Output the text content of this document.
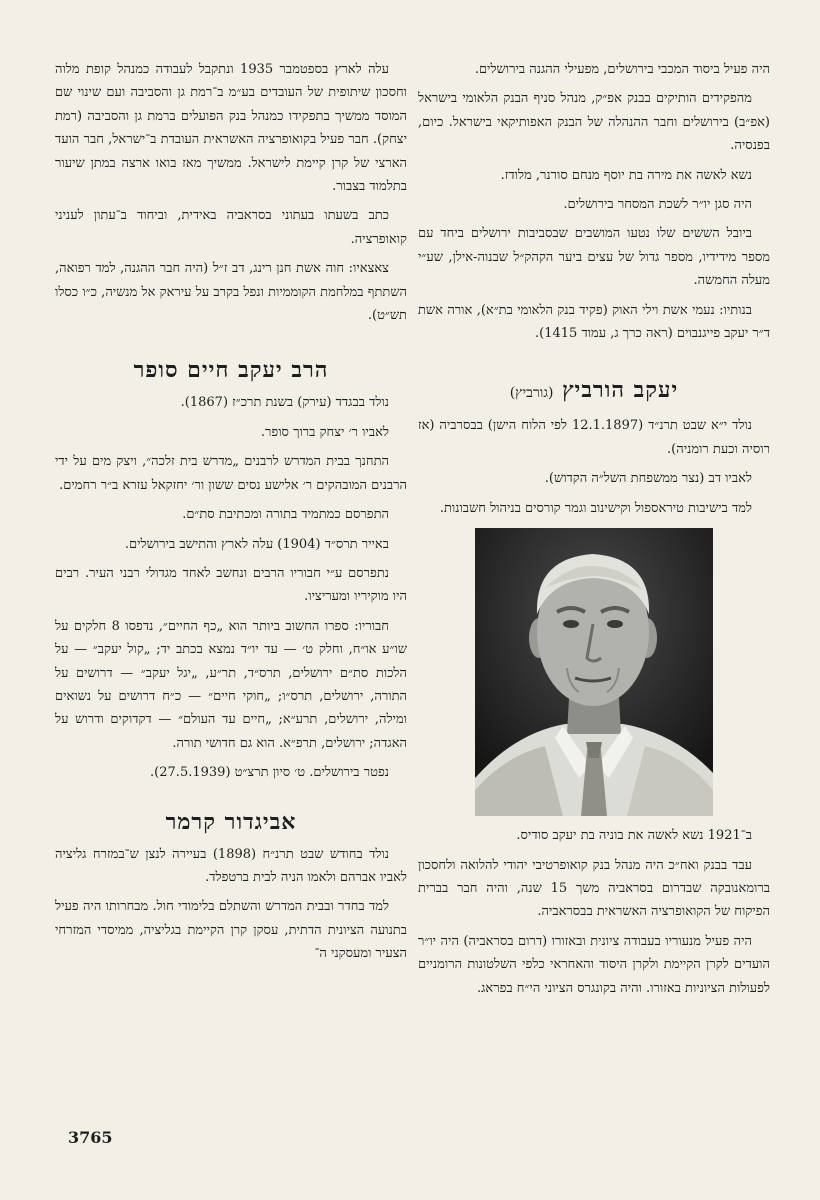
היה פעיל ביסוד המכבי בירושלים, מפעילי ההגנה בירושלים.

מהפקידים הותיקים בבנק אפ״ק, מנהל סניף הבנק הלאומי בישראל (אפ״ב) בירושלים וחבר ההנהלה של הבנק האפותיקאי בישראל. כיום, בפנסיה.

נשא לאשה את מירה בת יוסף מנחם סורנר, מלודז.

היה סגן יו״ר לשכת המסחר בירושלים.

ביובל הששים שלו נטעו המושבים שבסביבות ירושלים ביחד עם מספר מידידיו, מספר גדול של עצים ביער הקהק״ל שבנוה-אילן, שע״י מעלה החמשה.

בנותיו: נעמי אשת וילי האוק (פקיד בנק הלאומי בת״א), אורה אשת ד״ר יעקב פייגנבוים (ראה כרך ג, עמוד 1415).

יעקב הורביץ (גורביץ)

נולד י״א שבט תרנ״ד (12.1.1897 לפי הלוח הישן) בבסרביה (אז רוסיה וכעת רומניה).

לאביו דב (נצר ממשפחת השל״ה הקדוש).

למד בישיבות טיראספול וקישינוב וגמר קורסים בניהול חשבונות.

ב־1921 נשא לאשה את בוניה בת יעקב סודיס.

עבד בבנק ואח״כ היה מנהל בנק קואופרטיבי יהודי להלואה ולחסכון ברומאנובקה שבדרום בסראביה משך 15 שנה, והיה חבר בברית הפיקוח של הקואופרציה האשראית בבסראביה.

היה פעיל מנעוריו בעבודה ציונית ובאזורו (דרום בסראביה) היה יו״ר הועדים לקרן הקיימת ולקרן היסוד והאחראי כלפי השלטונות הרומניים לפעולות הציוניות באזורו. והיה בקונגרס הציוני הי״ח בפראג.

עלה לארץ בספטמבר 1935 ונתקבל לעבודה כמנהל קופת מלוה וחסכון שיתופית של העובדים בע״מ ב־רמת גן והסביבה ועם שינוי שם המוסד ממשיך בתפקידו כמנהל בנק הפועלים ברמת גן והסביבה (רמת יצחק). חבר פעיל בקואופרציה האשראית העובדת ב־ישראל, חבר הועד הארצי של קרן קיימת לישראל. ממשיך מאז בואו ארצה במתן שיעור בתלמוד בצבור.

כתב בשעתו בעתוני בסראביה באידית, וביחוד ב־עתון לעניני קואופרציה.

צאצאיו: חוה אשת חנן רינג, דב ז״ל (היה חבר ההגנה, למד רפואה, השתתף במלחמת הקוממיות ונפל בקרב על עיראק אל מנשיה, כ״ו כסלו תש״ט).

הרב יעקב חיים סופר

נולד בבגדד (עירק) בשנת תרכ״ז (1867).

לאביו ר׳ יצחק ברוך סופר.

התחנך בבית המדרש לרבנים „מדרש בית זלכה״, ויצק מים על ידי הרבנים המובהקים ר׳ אלישע נסים ששון ור׳ יחזקאל עזרא ב״ר רחמים.

התפרסם כמתמיד בתורה ומכתיבת סת״ם.

באייר תרס״ד (1904) עלה לארץ והתישב בירושלים.

נתפרסם ע״י חבוריו הרבים ונחשב לאחד מגדולי רבני העיר. רבים היו מוקיריו ומעריציו.

חבוריו: ספרו החשוב ביותר הוא „כף החיים״, נדפסו 8 חלקים על שו״ע או״ח, וחלק ט׳ — עד יו״ד נמצא בכתב יד; „קול יעקב״ — על הלכות סת״ם ירושלים, תרס״ד, תר״ע, „יגל יעקב״ — דרושים על התורה, ירושלים, תרס״ו; „חוקי חיים״ — כ״ח דרושים על נשואים ומילה, ירושלים, תרע״א; „חיים עד העולם״ — דקדוקים ודרוש על האגדה; ירושלים, תרפ״א. הוא גם חדושי תורה.

נפטר בירושלים. ט׳ סיון תרצ״ט (27.5.1939).

אביגדור קרמר

נולד בחודש שבט תרנ״ח (1898) בעיירה לנצן ש־במזרח גליציה לאביו אברהם ולאמו הניה לבית ברטפלד.

למד בחדר ובבית המדרש והשתלם בלימודי חול. מבחרותו היה פעיל בתנועה הציונית הדתית, עסקן קרן הקיימת בגליציה, ממיסדי המזרחי הצעיר ומעסקני ה־

3765
